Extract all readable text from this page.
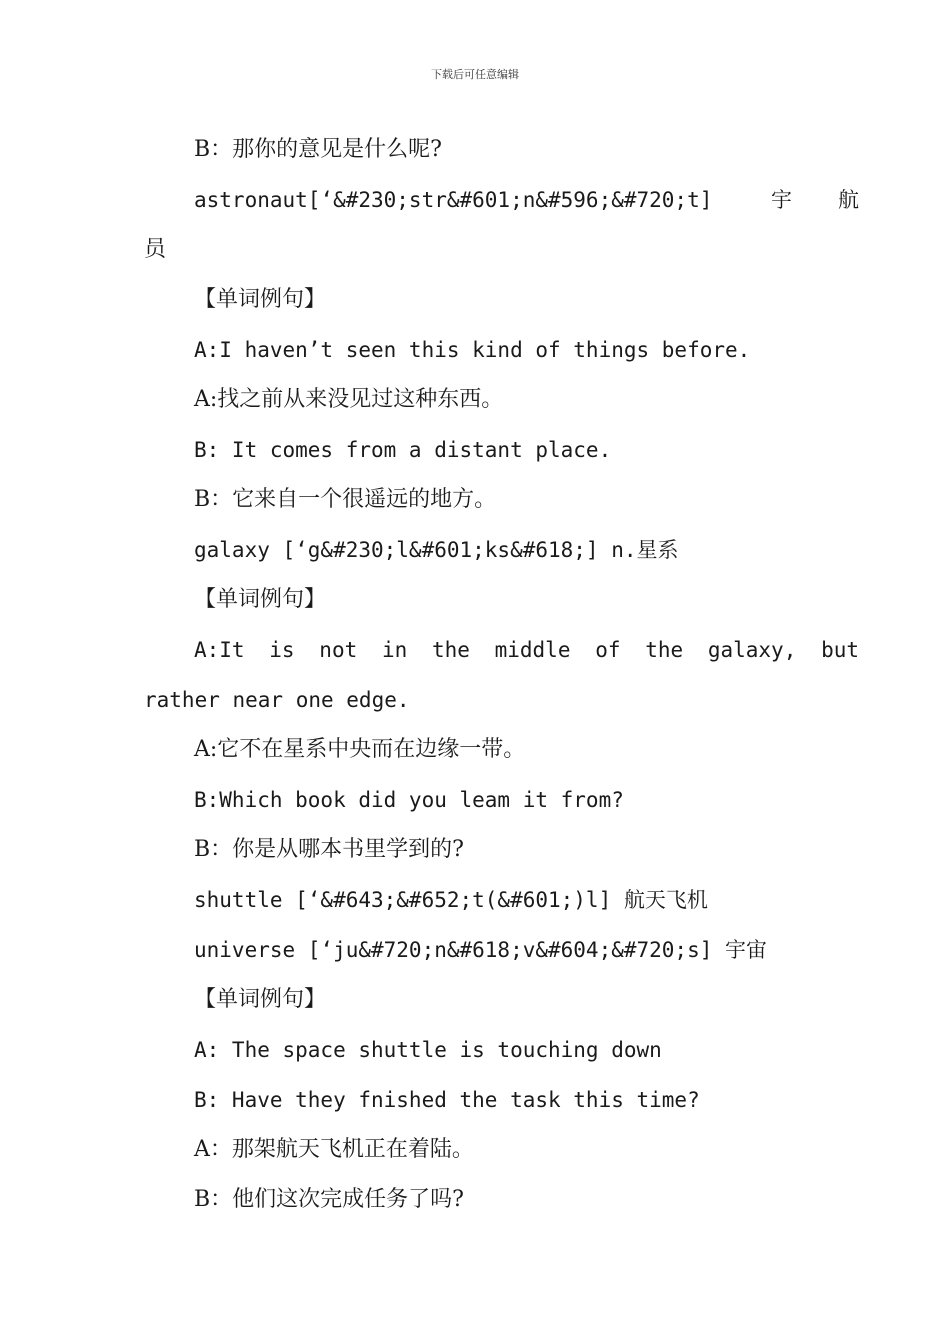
下载后可任意编辑
B：那你的意见是什么呢?
astronaut[‘&#230;str&#601;n&#596;&#720;t] 宇航
员
【单词例句】
A:I haven’t seen this kind of things before.
A:找之前从来没见过这种东西。
B: It comes from a distant place.
B：它来自一个很遥远的地方。
galaxy [‘g&#230;l&#601;ks&#618;] n.星系
【单词例句】
A:It is not in the middle of the galaxy, but
rather near one edge.
A:它不在星系中央而在边缘一带。
B:Which book did you leam it from?
B：你是从哪本书里学到的?
shuttle [‘&#643;&#652;t(&#601;)l] 航天飞机
universe [‘ju&#720;n&#618;v&#604;&#720;s] 宇宙
【单词例句】
A: The space shuttle is touching down
B: Have they fnished the task this time?
A：那架航天飞机正在着陆。
B：他们这次完成任务了吗?
